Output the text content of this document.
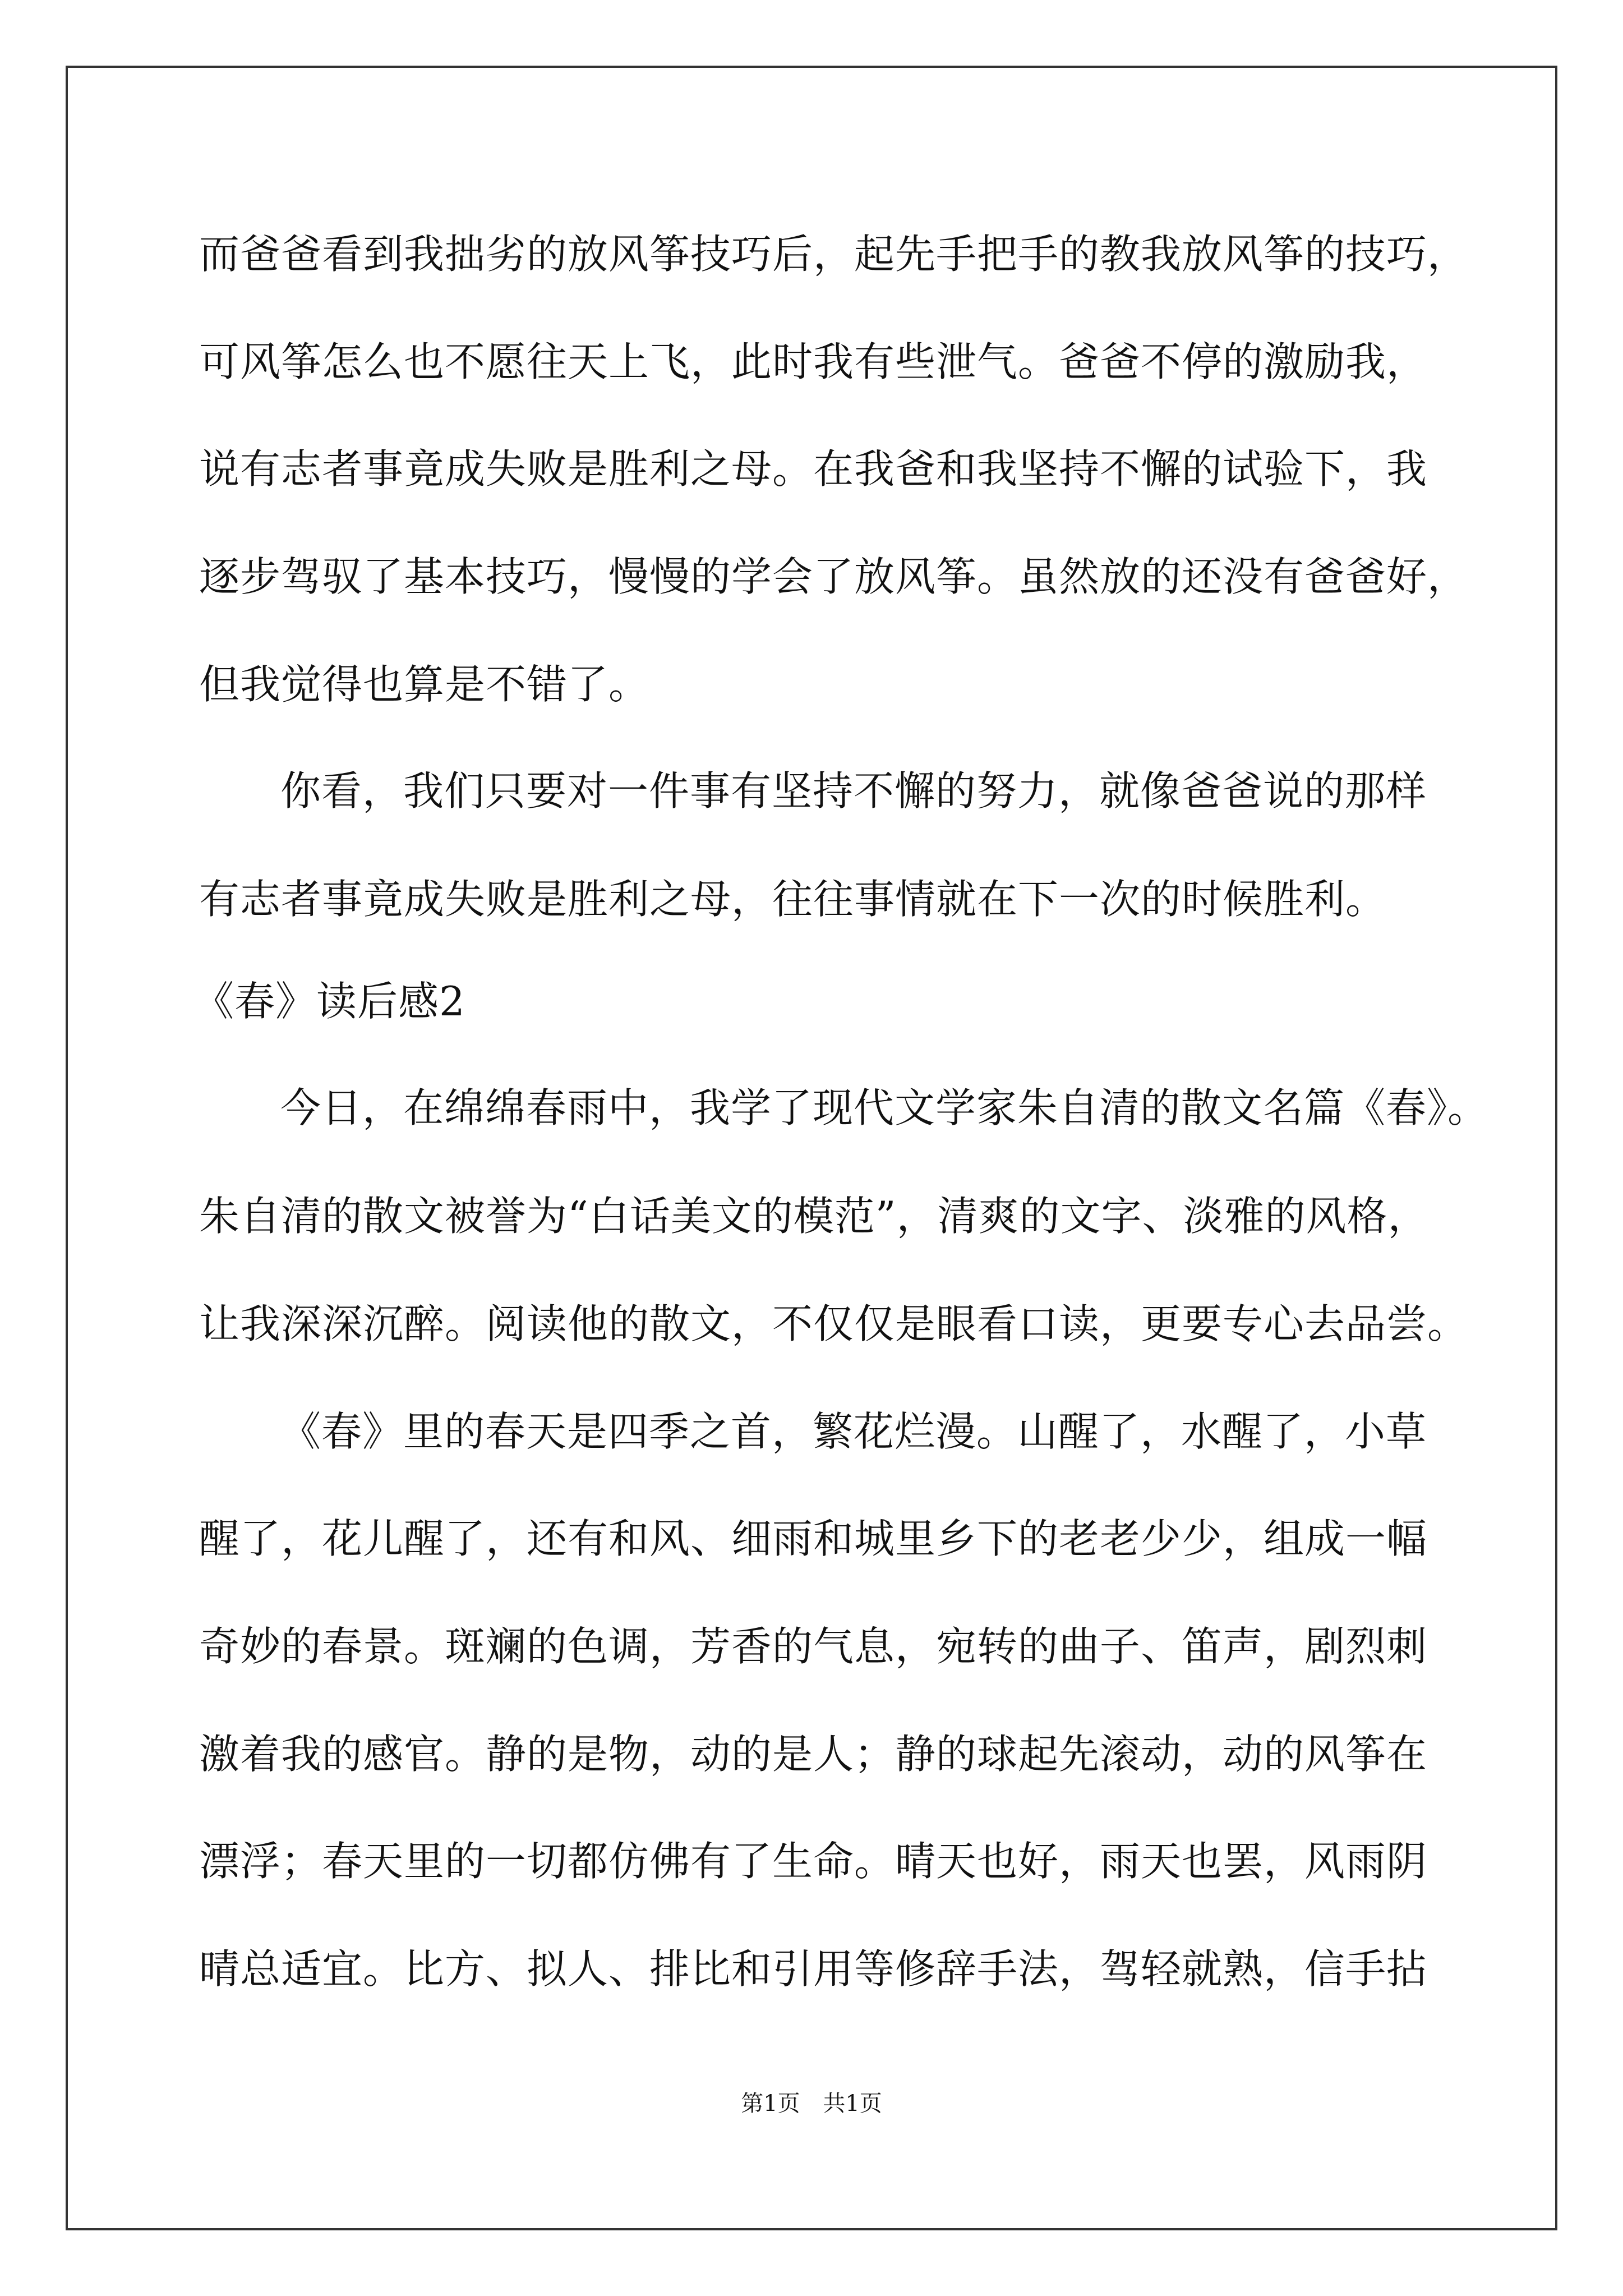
而爸爸看到我拙劣的放风筝技巧后，起先手把手的教我放风筝的技巧，
可风筝怎么也不愿往天上飞，此时我有些泄气。爸爸不停的激励我，
说有志者事竟成失败是胜利之母。在我爸和我坚持不懈的试验下，我
逐步驾驭了基本技巧，慢慢的学会了放风筝。虽然放的还没有爸爸好，
但我觉得也算是不错了。
你看，我们只要对一件事有坚持不懈的努力，就像爸爸说的那样
有志者事竟成失败是胜利之母，往往事情就在下一次的时候胜利。
《春》读后感2
今日，在绵绵春雨中，我学了现代文学家朱自清的散文名篇《春》。
朱自清的散文被誉为“白话美文的模范”，清爽的文字、淡雅的风格，
让我深深沉醉。阅读他的散文，不仅仅是眼看口读，更要专心去品尝。
《春》里的春天是四季之首，繁花烂漫。山醒了，水醒了，小草
醒了，花儿醒了，还有和风、细雨和城里乡下的老老少少，组成一幅
奇妙的春景。斑斓的色调，芳香的气息，宛转的曲子、笛声，剧烈刺
激着我的感官。静的是物，动的是人；静的球起先滚动，动的风筝在
漂浮；春天里的一切都仿佛有了生命。晴天也好，雨天也罢，风雨阴
晴总适宜。比方、拟人、排比和引用等修辞手法，驾轻就熟，信手拈
第1页 共1页
